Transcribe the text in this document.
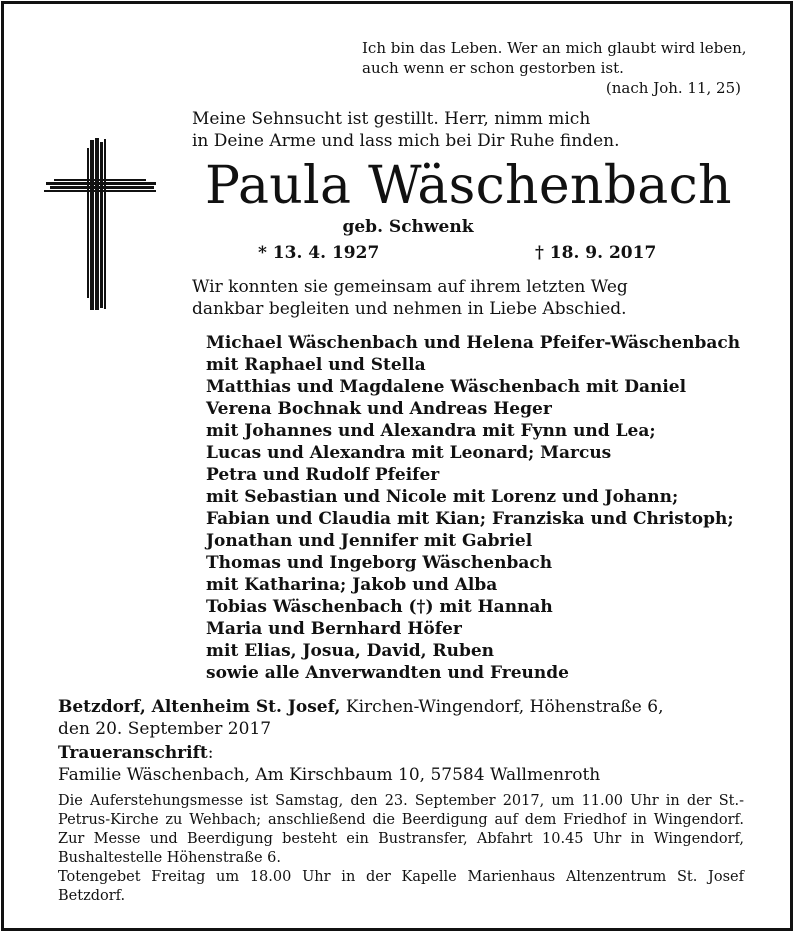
Ich bin das Leben. Wer an mich glaubt wird leben,
auch wenn er schon gestorben ist.
(nach Joh. 11, 25)
Meine Sehnsucht ist gestillt. Herr, nimm mich
in Deine Arme und lass mich bei Dir Ruhe finden.
Paula Wäschenbach
geb. Schwenk
* 13. 4. 1927	† 18. 9. 2017
Wir konnten sie gemeinsam auf ihrem letzten Weg
dankbar begleiten und nehmen in Liebe Abschied.
Michael Wäschenbach und Helena Pfeifer-Wäschenbach
mit Raphael und Stella
Matthias und Magdalene Wäschenbach mit Daniel
Verena Bochnak und Andreas Heger
mit Johannes und Alexandra mit Fynn und Lea;
Lucas und Alexandra mit Leonard; Marcus
Petra und Rudolf Pfeifer
mit Sebastian und Nicole mit Lorenz und Johann;
Fabian und Claudia mit Kian; Franziska und Christoph;
Jonathan und Jennifer mit Gabriel
Thomas und Ingeborg Wäschenbach
mit Katharina; Jakob und Alba
Tobias Wäschenbach (†) mit Hannah
Maria und Bernhard Höfer
mit Elias, Josua, David, Ruben
sowie alle Anverwandten und Freunde
Betzdorf, Altenheim St. Josef, Kirchen-Wingendorf, Höhenstraße 6,
den 20. September 2017
Traueranschrift:
Familie Wäschenbach, Am Kirschbaum 10, 57584 Wallmenroth
Die Auferstehungsmesse ist Samstag, den 23. September 2017, um 11.00 Uhr in der St.-Petrus-Kirche zu Wehbach; anschließend die Beerdigung auf dem Friedhof in Wingendorf. Zur Messe und Beerdigung besteht ein Bustransfer, Abfahrt 10.45 Uhr in Wingendorf, Bushaltestelle Höhenstraße 6.
Totengebet Freitag um 18.00 Uhr in der Kapelle Marienhaus Altenzentrum St. Josef Betzdorf.
